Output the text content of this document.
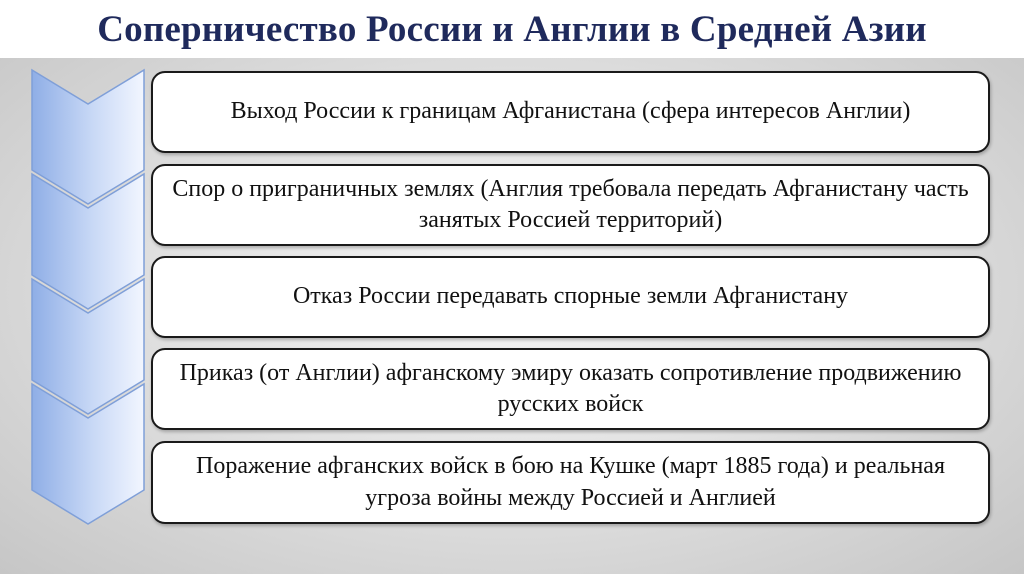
Соперничество России и Англии в Средней Азии
Выход России к границам Афганистана (сфера интересов Англии)
Спор о приграничных землях (Англия требовала передать Афганистану часть занятых Россией территорий)
Отказ России передавать спорные земли Афганистану
Приказ (от Англии) афганскому эмиру оказать сопротивление продвижению русских войск
Поражение афганских войск в бою на Кушке (март 1885 года) и реальная угроза войны между Россией и Англией
